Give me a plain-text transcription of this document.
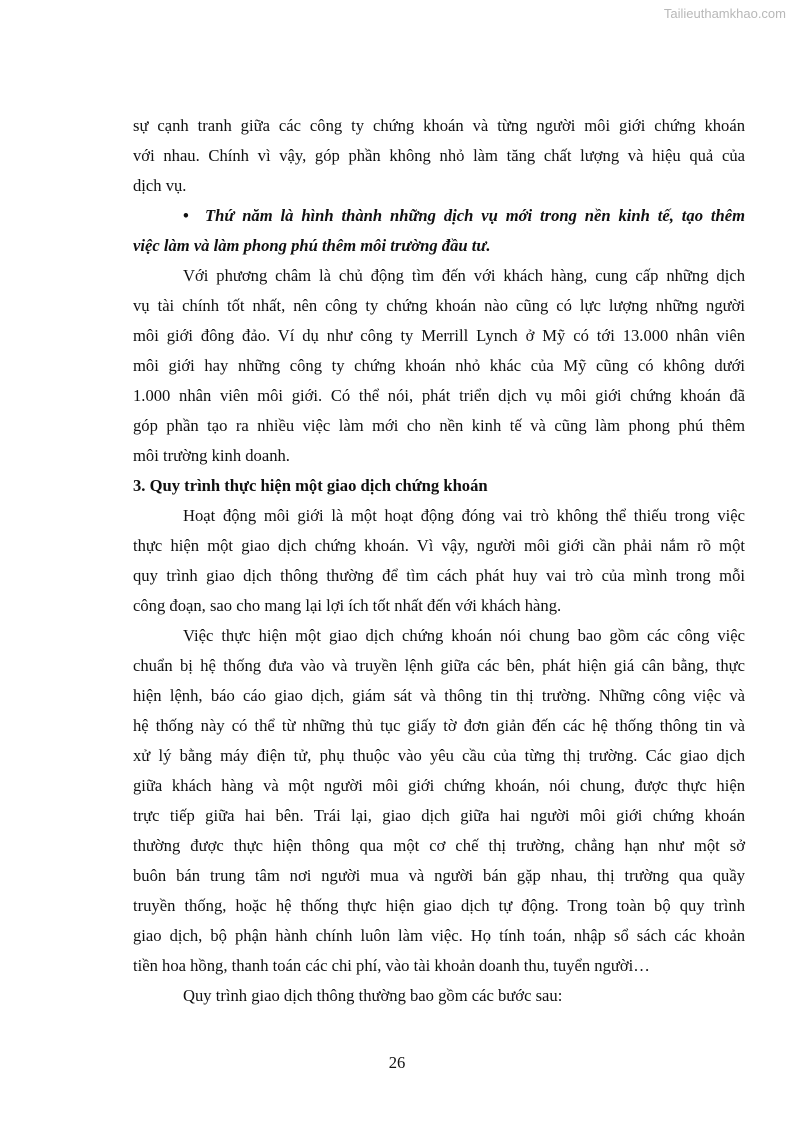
Tailieuthamkhao.com
sự cạnh tranh giữa các công ty chứng khoán và từng người môi giới chứng khoán
với nhau. Chính vì vậy, góp phần không nhỏ làm tăng chất lượng và hiệu quả của
dịch vụ.
• Thứ năm là hình thành những dịch vụ mới trong nền kinh tế, tạo thêm
việc làm và làm phong phú thêm môi trường đầu tư.
Với phương châm là chủ động tìm đến với khách hàng, cung cấp những dịch
vụ tài chính tốt nhất, nên công ty chứng khoán nào cũng có lực lượng những người
môi giới đông đảo. Ví dụ như công ty Merrill Lynch ở Mỹ có tới 13.000 nhân viên
môi giới hay những công ty chứng khoán nhỏ khác của Mỹ cũng có không dưới
1.000 nhân viên môi giới. Có thể nói, phát triển dịch vụ môi giới chứng khoán đã
góp phần tạo ra nhiều việc làm mới cho nền kinh tế và cũng làm phong phú thêm
môi trường kinh doanh.
3. Quy trình thực hiện một giao dịch chứng khoán
Hoạt động môi giới là một hoạt động đóng vai trò không thể thiếu trong việc
thực hiện một giao dịch chứng khoán. Vì vậy, người môi giới cần phải nắm rõ một
quy trình giao dịch thông thường để tìm cách phát huy vai trò của mình trong mỗi
công đoạn, sao cho mang lại lợi ích tốt nhất đến với khách hàng.
Việc thực hiện một giao dịch chứng khoán nói chung bao gồm các công việc
chuẩn bị hệ thống đưa vào và truyền lệnh giữa các bên, phát hiện giá cân bằng, thực
hiện lệnh, báo cáo giao dịch, giám sát và thông tin thị trường. Những công việc và
hệ thống này có thể từ những thủ tục giấy tờ đơn giản đến các hệ thống thông tin và
xử lý bằng máy điện tử, phụ thuộc vào yêu cầu của từng thị trường. Các giao dịch
giữa khách hàng và một người môi giới chứng khoán, nói chung, được thực hiện
trực tiếp giữa hai bên. Trái lại, giao dịch giữa hai người môi giới chứng khoán
thường được thực hiện thông qua một cơ chế thị trường, chẳng hạn như một sở
buôn bán trung tâm nơi người mua và người bán gặp nhau, thị trường qua quầy
truyền thống, hoặc hệ thống thực hiện giao dịch tự động. Trong toàn bộ quy trình
giao dịch, bộ phận hành chính luôn làm việc. Họ tính toán, nhập sổ sách các khoản
tiền hoa hồng, thanh toán các chi phí, vào tài khoản doanh thu, tuyển người…
Quy trình giao dịch thông thường bao gồm các bước sau:
26
